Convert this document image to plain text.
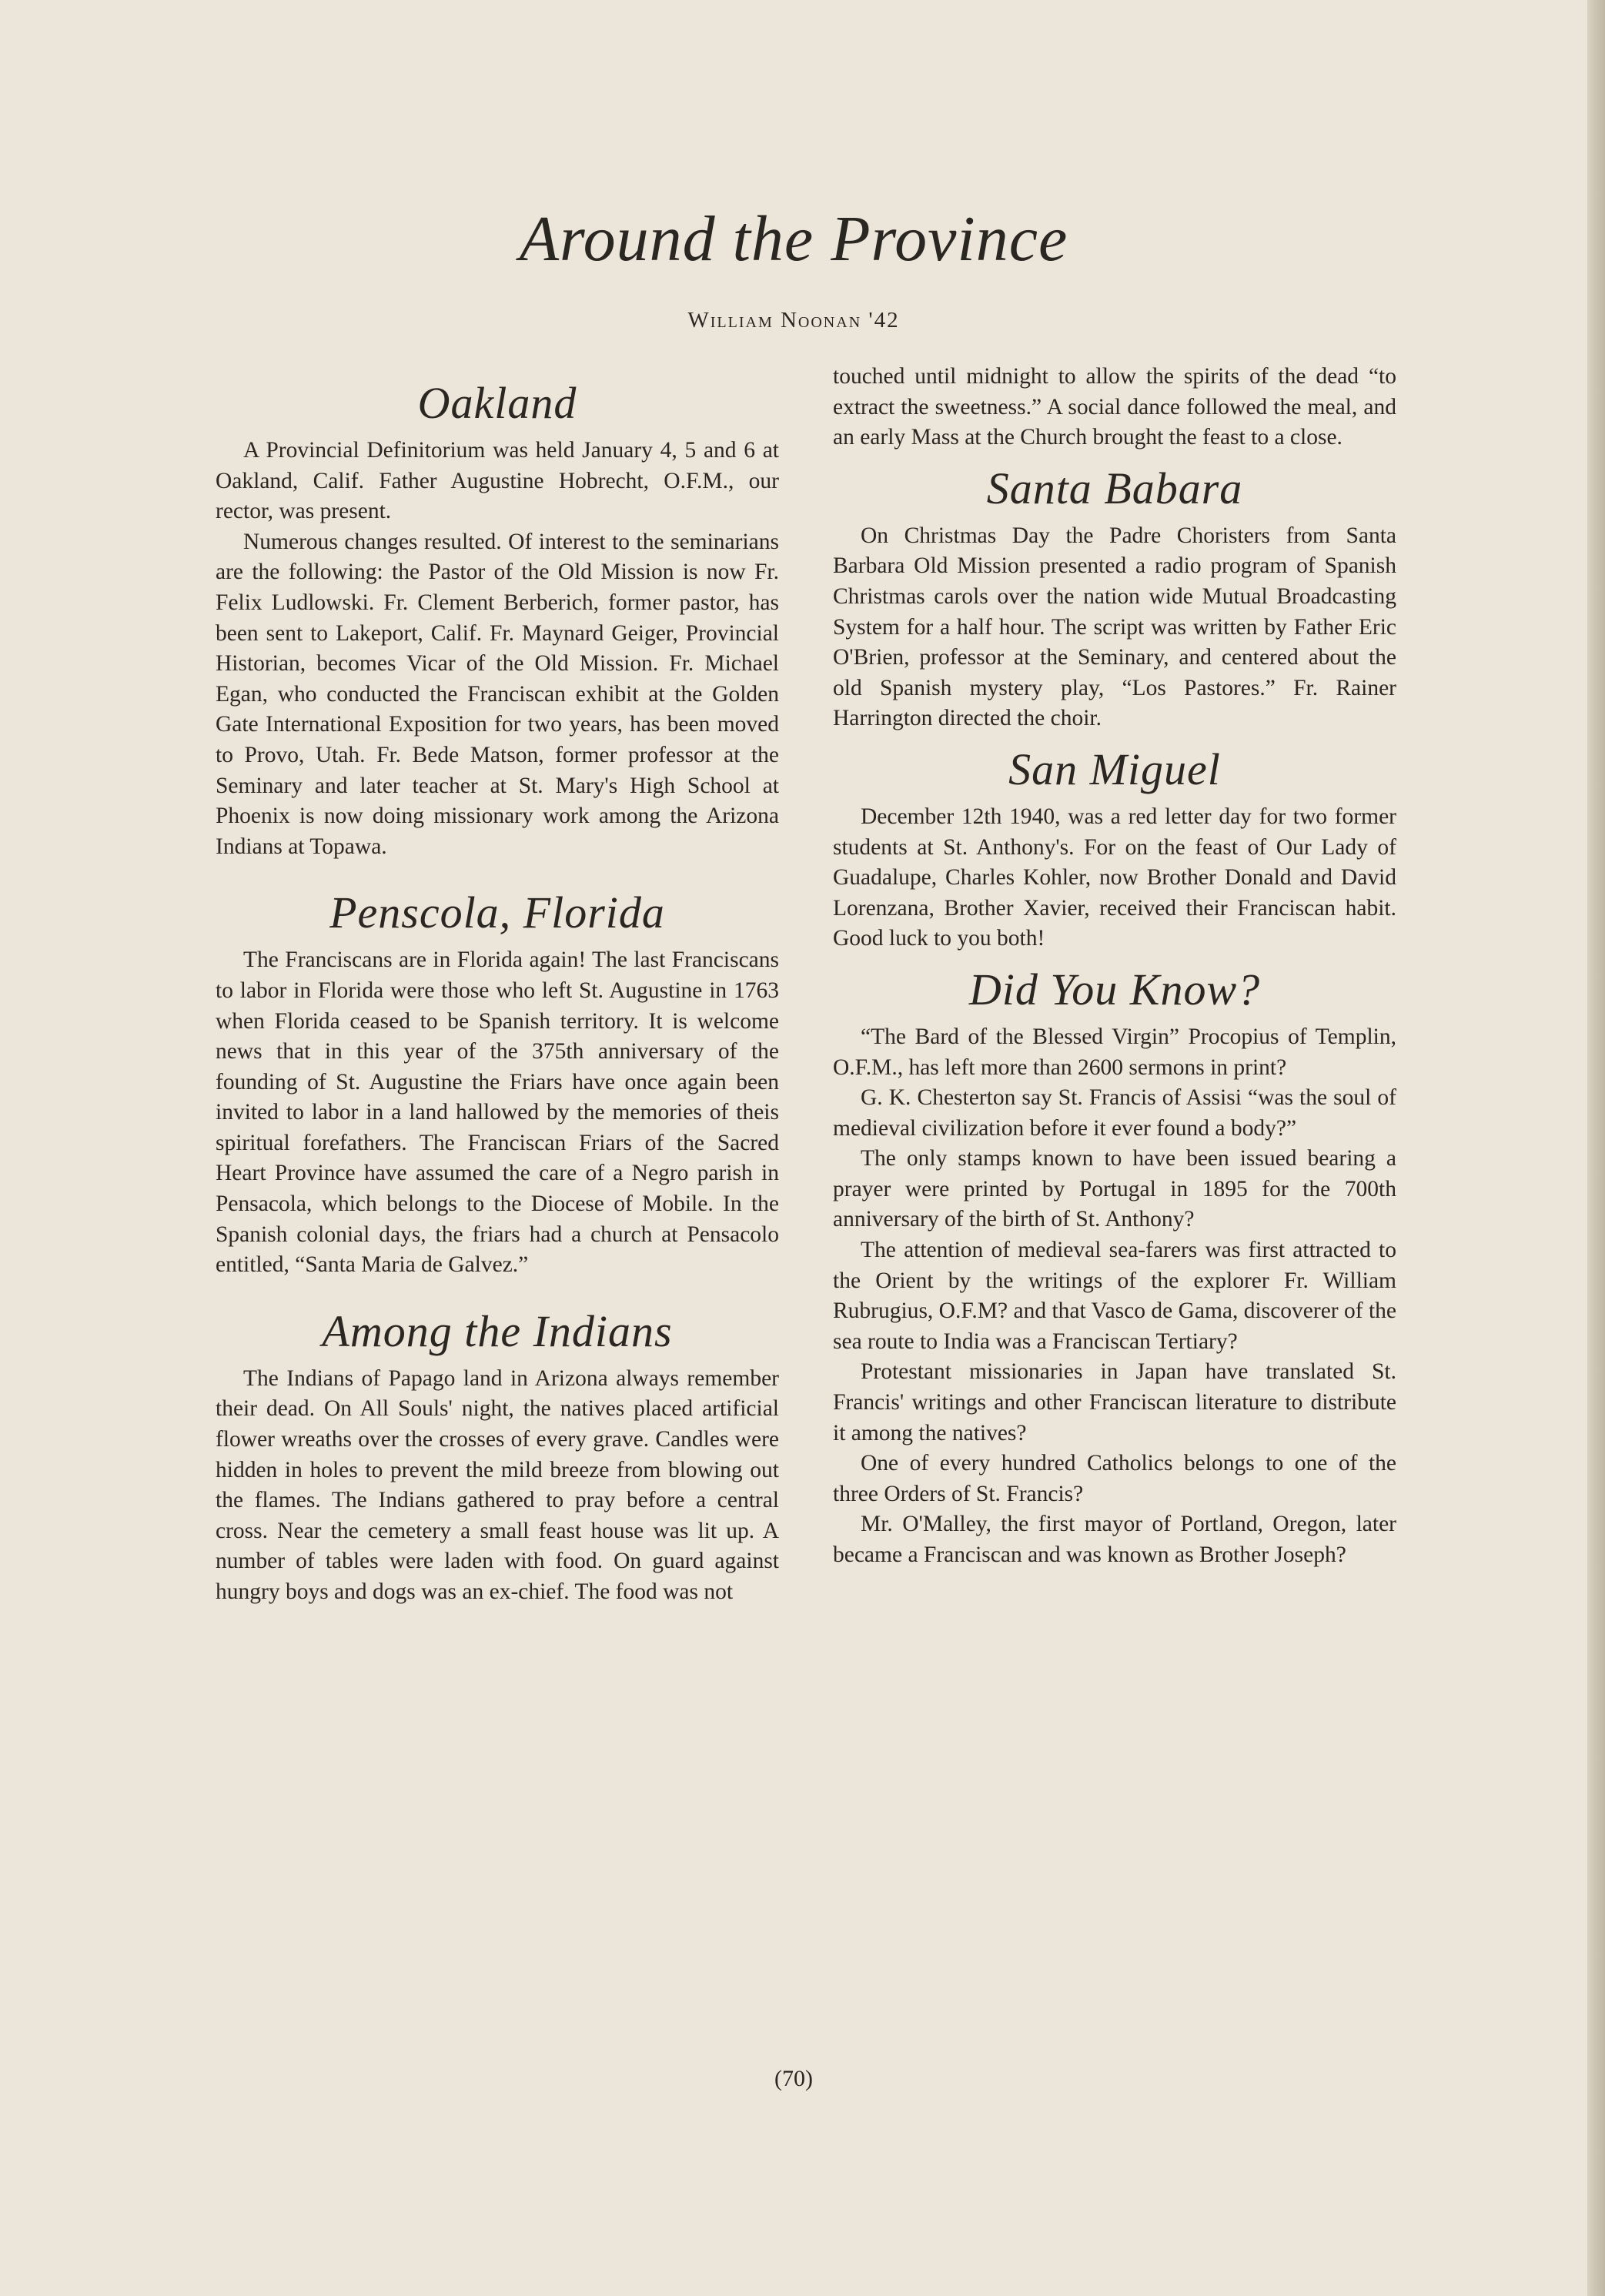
Around the Province
William Noonan '42
Oakland

A Provincial Definitorium was held January 4, 5 and 6 at Oakland, Calif. Father Augustine Hobrecht, O.F.M., our rector, was present.

Numerous changes resulted. Of interest to the seminarians are the following: the Pastor of the Old Mission is now Fr. Felix Ludlowski. Fr. Clement Berberich, former pastor, has been sent to Lakeport, Calif. Fr. Maynard Geiger, Provincial Historian, becomes Vicar of the Old Mission. Fr. Michael Egan, who conducted the Franciscan exhibit at the Golden Gate International Exposition for two years, has been moved to Provo, Utah. Fr. Bede Matson, former professor at the Seminary and later teacher at St. Mary's High School at Phoenix is now doing missionary work among the Arizona Indians at Topawa.

Penscola, Florida

The Franciscans are in Florida again! The last Franciscans to labor in Florida were those who left St. Augustine in 1763 when Florida ceased to be Spanish territory. It is welcome news that in this year of the 375th anniversary of the founding of St. Augustine the Friars have once again been invited to labor in a land hallowed by the memories of theis spiritual forefathers. The Franciscan Friars of the Sacred Heart Province have assumed the care of a Negro parish in Pensacola, which belongs to the Diocese of Mobile. In the Spanish colonial days, the friars had a church at Pensacolo entitled, “Santa Maria de Galvez.”

Among the Indians

The Indians of Papago land in Arizona always remember their dead. On All Souls' night, the natives placed artificial flower wreaths over the crosses of every grave. Candles were hidden in holes to prevent the mild breeze from blowing out the flames. The Indians gathered to pray before a central cross. Near the cemetery a small feast house was lit up. A number of tables were laden with food. On guard against hungry boys and dogs was an ex-chief. The food was not

touched until midnight to allow the spirits of the dead “to extract the sweetness.” A social dance followed the meal, and an early Mass at the Church brought the feast to a close.

Santa Babara

On Christmas Day the Padre Choristers from Santa Barbara Old Mission presented a radio program of Spanish Christmas carols over the nation wide Mutual Broadcasting System for a half hour. The script was written by Father Eric O'Brien, professor at the Seminary, and centered about the old Spanish mystery play, “Los Pastores.” Fr. Rainer Harrington directed the choir.

San Miguel

December 12th 1940, was a red letter day for two former students at St. Anthony's. For on the feast of Our Lady of Guadalupe, Charles Kohler, now Brother Donald and David Lorenzana, Brother Xavier, received their Franciscan habit. Good luck to you both!

Did You Know?

“The Bard of the Blessed Virgin” Procopius of Templin, O.F.M., has left more than 2600 sermons in print?

G. K. Chesterton say St. Francis of Assisi “was the soul of medieval civilization before it ever found a body?”

The only stamps known to have been issued bearing a prayer were printed by Portugal in 1895 for the 700th anniversary of the birth of St. Anthony?

The attention of medieval sea-farers was first attracted to the Orient by the writings of the explorer Fr. William Rubrugius, O.F.M? and that Vasco de Gama, discoverer of the sea route to India was a Franciscan Tertiary?

Protestant missionaries in Japan have translated St. Francis' writings and other Franciscan literature to distribute it among the natives?

One of every hundred Catholics belongs to one of the three Orders of St. Francis?

Mr. O'Malley, the first mayor of Portland, Oregon, later became a Franciscan and was known as Brother Joseph?

(70)
